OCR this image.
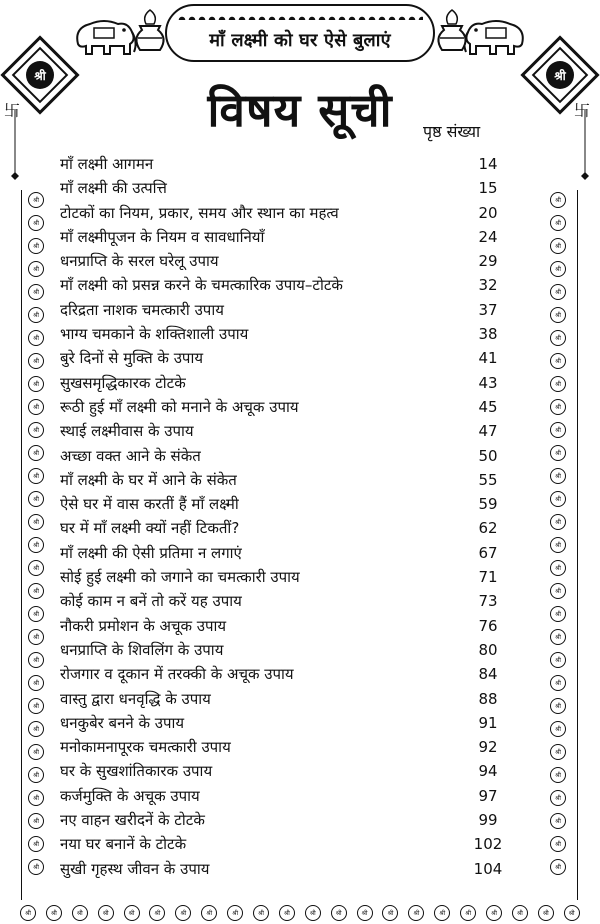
माँ लक्ष्मी को घर ऐसे बुलाएं
श्री	श्री
卐	卐
विषय सूची	पृष्ठ संख्या
श्री
श्री
श्री
श्री
श्री
श्री
श्री
श्री
श्री
श्री
श्री
श्री
श्री
श्री
श्री
श्री
श्री
श्री
श्री
श्री
श्री
श्री
श्री
श्री
श्री
श्री
श्री
श्री
श्री
श्री
श्री
श्री
श्री
श्री
श्री
श्री
श्री
श्री
श्री
श्री
श्री
श्री
श्री
श्री
श्री
श्री
श्री
श्री
श्री
श्री
श्री
श्री
श्री
श्री
श्री
श्री
श्री
श्री
श्री
श्री
श्री	श्री	श्री	श्री	श्री	श्री	श्री	श्री	श्री	श्री	श्री	श्री	श्री	श्री	श्री	श्री	श्री	श्री	श्री	श्री	श्री	श्री
माँ लक्ष्मी आगमन	14
माँ लक्ष्मी की उत्पत्ति	15
टोटकों का नियम, प्रकार, समय और स्थान का महत्व	20
माँ लक्ष्मीपूजन के नियम व सावधानियाँ	24
धनप्राप्ति के सरल घरेलू उपाय	29
माँ लक्ष्मी को प्रसन्न करने के चमत्कारिक उपाय–टोटके	32
दरिद्रता नाशक चमत्कारी उपाय	37
भाग्य चमकाने के शक्तिशाली उपाय	38
बुरे दिनों से मुक्ति के उपाय	41
सुखसमृद्धिकारक टोटके	43
रूठी हुई माँ लक्ष्मी को मनाने के अचूक उपाय	45
स्थाई लक्ष्मीवास के उपाय	47
अच्छा वक्त आने के संकेत	50
माँ लक्ष्मी के घर में आने के संकेत	55
ऐसे घर में वास करतीं हैं माँ लक्ष्मी	59
घर में माँ लक्ष्मी क्यों नहीं टिकतीं?	62
माँ लक्ष्मी की ऐसी प्रतिमा न लगाएं	67
सोई हुई लक्ष्मी को जगाने का चमत्कारी उपाय	71
कोई काम न बनें तो करें यह उपाय	73
नौकरी प्रमोशन के अचूक उपाय	76
धनप्राप्ति के शिवलिंग के उपाय	80
रोजगार व दूकान में तरक्की के अचूक उपाय	84
वास्तु द्वारा धनवृद्धि के उपाय	88
धनकुबेर बनने के उपाय	91
मनोकामनापूरक चमत्कारी उपाय	92
घर के सुखशांतिकारक उपाय	94
कर्जमुक्ति के अचूक उपाय	97
नए वाहन खरीदनें के टोटके	99
नया घर बनानें के टोटके	102
सुखी गृहस्थ जीवन के उपाय	104
